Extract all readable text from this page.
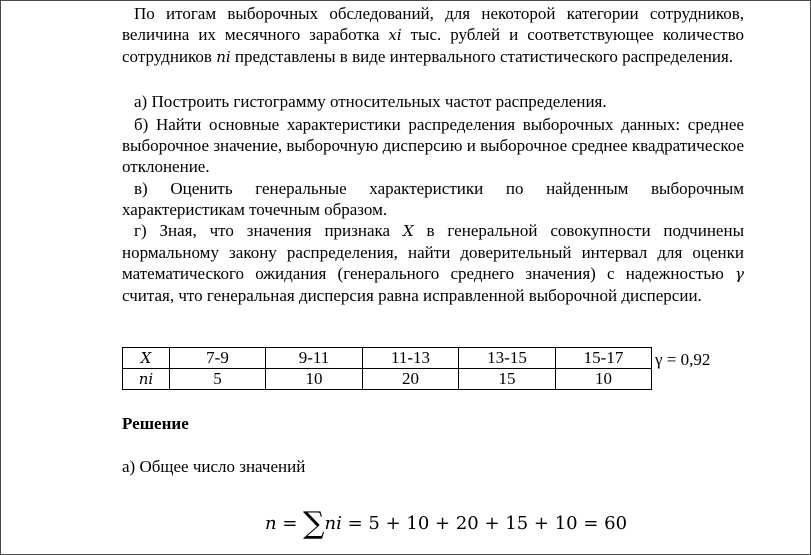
По итогам выборочных обследований, для некоторой категории сотрудников, величина их месячного заработка xi тыс. рублей и соответствующее количество сотрудников ni представлены в виде интервального статистического распределения.

а) Построить гистограмму относительных частот распределения.

б) Найти основные характеристики распределения выборочных данных: среднее выборочное значение, выборочную дисперсию и выборочное среднее квадратическое отклонение.

в) Оценить генеральные характеристики по найденным выборочным характеристикам точечным образом.

г) Зная, что значения признака X в генеральной совокупности подчинены нормальному закону распределения, найти доверительный интервал для оценки математического ожидания (генерального среднего значения) с надежностью γ считая, что генеральная дисперсия равна исправленной выборочной дисперсии.

X	7-9	9-11	11-13	13-15	15-17
ni	5	10	20	15	10
γ = 0,92
Решение
а) Общее число значений
n = ∑ni = 5 + 10 + 20 + 15 + 10 = 60
